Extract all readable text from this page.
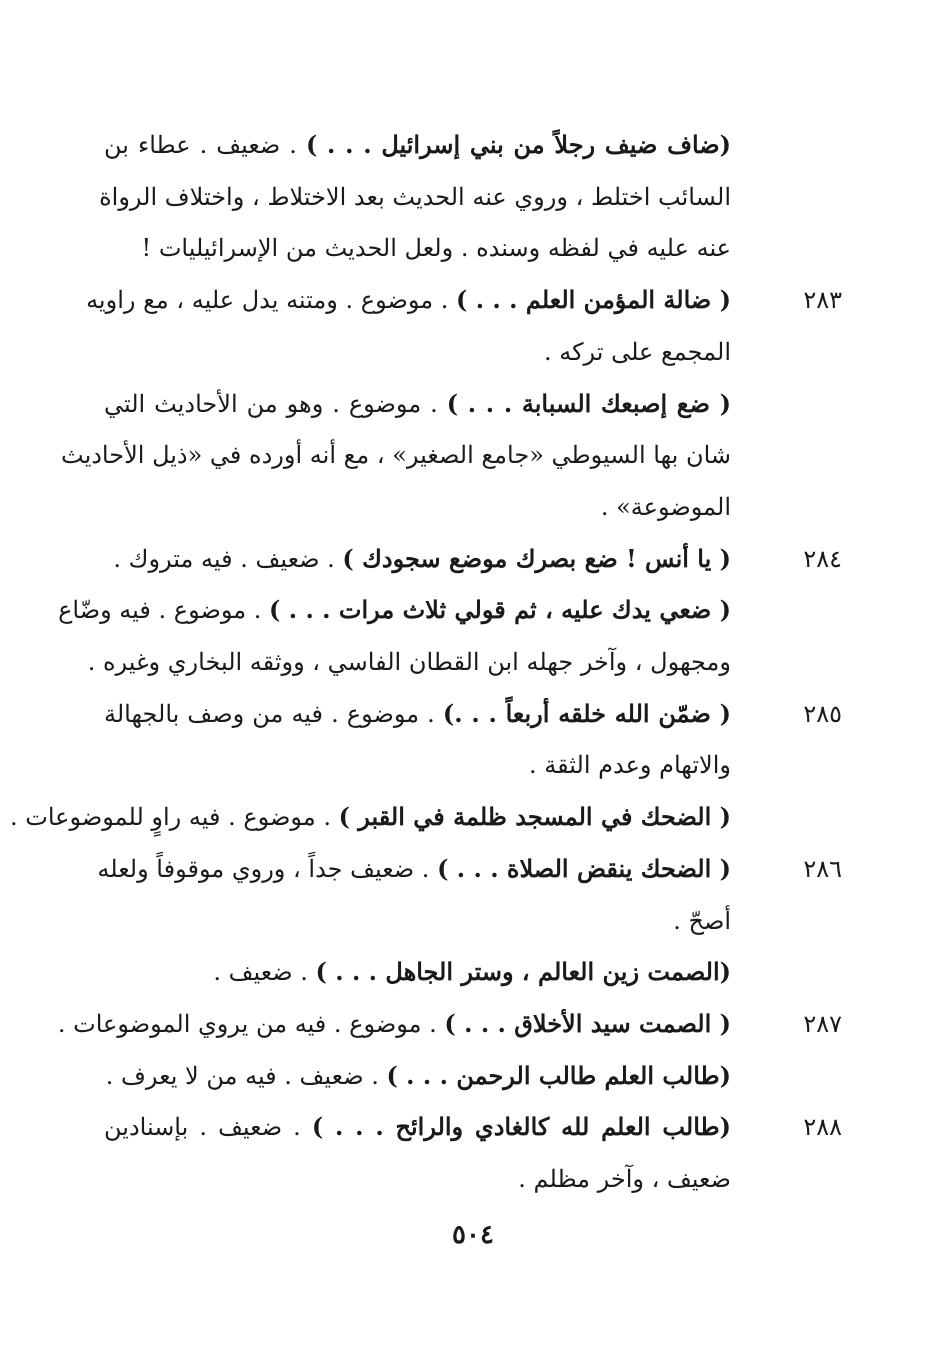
(ضاف ضيف رجلاً من بني إسرائيل . . . ) . ضعيف . عطاء بن
السائب اختلط ، وروي عنه الحديث بعد الاختلاط ، واختلاف الرواة
عنه عليه في لفظه وسنده . ولعل الحديث من الإسرائيليات !
٢٨٣
( ضالة المؤمن العلم . . . ) . موضوع . ومتنه يدل عليه ، مع راويه
المجمع على تركه .
( ضع إصبعك السبابة . . . ) . موضوع . وهو من الأحاديث التي
شان بها السيوطي «جامع الصغير» ، مع أنه أورده في «ذيل الأحاديث
الموضوعة» .
٢٨٤
( يا أنس ! ضع بصرك موضع سجودك ) . ضعيف . فيه متروك .
( ضعي يدك عليه ، ثم قولي ثلاث مرات . . . ) . موضوع . فيه وضّاع
ومجهول ، وآخر جهله ابن القطان الفاسي ، ووثقه البخاري وغيره .
٢٨٥
( ضمّن الله خلقه أربعاً . . .) . موضوع . فيه من وصف بالجهالة
والاتهام وعدم الثقة .
( الضحك في المسجد ظلمة في القبر ) . موضوع . فيه راوٍ للموضوعات .
٢٨٦
( الضحك ينقض الصلاة . . . ) . ضعيف جداً ، وروي موقوفاً ولعله
أصحّ .
(الصمت زين العالم ، وستر الجاهل . . . ) . ضعيف .
٢٨٧
( الصمت سيد الأخلاق . . . ) . موضوع . فيه من يروي الموضوعات .
(طالب العلم طالب الرحمن . . . ) . ضعيف . فيه من لا يعرف .
٢٨٨
(طالب العلم لله كالغادي والرائح . . . ) . ضعيف . بإسنادين
ضعيف ، وآخر مظلم .
٥٠٤
